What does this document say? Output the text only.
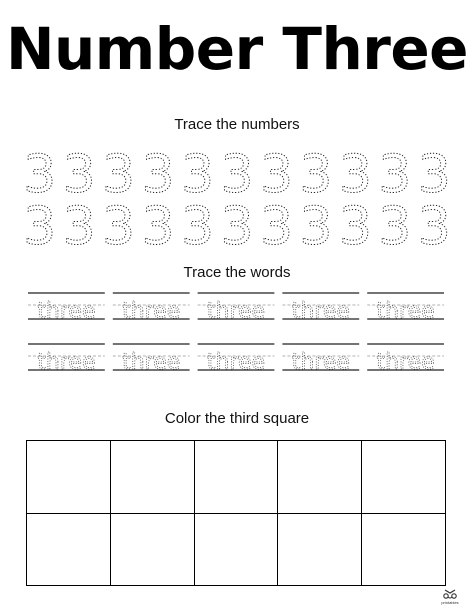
Number Three
Trace the numbers
3 3 3 3 3 3 3 3 3 3 3
3 3 3 3 3 3 3 3 3 3 3
Trace the words
three three three three three
three three three three three
Color the third square
printables
